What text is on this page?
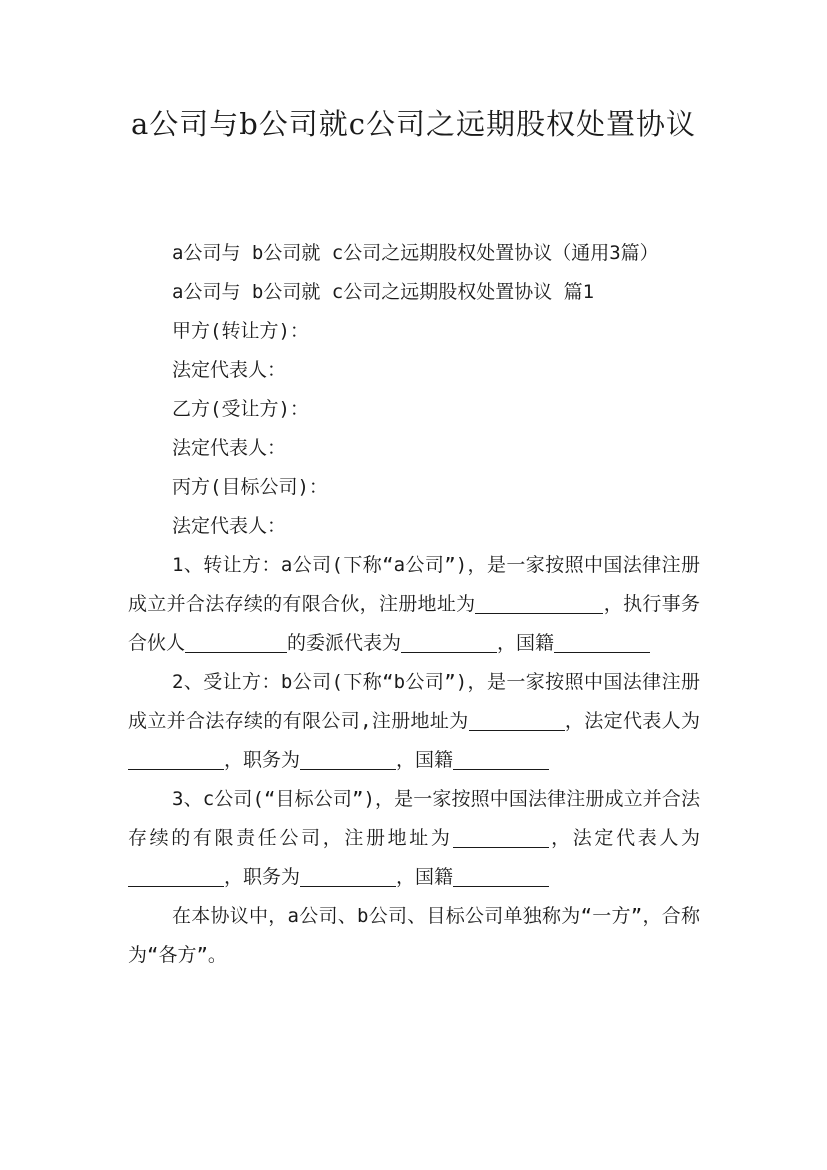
a公司与b公司就c公司之远期股权处置协议

a公司与 b公司就 c公司之远期股权处置协议（通用3篇）

a公司与 b公司就 c公司之远期股权处置协议 篇1

甲方(转让方)：

法定代表人：

乙方(受让方)：

法定代表人：

丙方(目标公司)：

法定代表人：

1、转让方：a公司(下称“a公司”)，是一家按照中国法律注册成立并合法存续的有限合伙，注册地址为	，执行事务合伙人	的委派代表为	，国籍

2、受让方：b公司(下称“b公司”)，是一家按照中国法律注册成立并合法存续的有限公司,注册地址为	，法定代表人为，职务为	，国籍

3、c公司(“目标公司”)，是一家按照中国法律注册成立并合法存续的有限责任公司，注册地址为	，法定代表人为，职务为	，国籍

在本协议中，a公司、b公司、目标公司单独称为“一方”，合称为“各方”。
